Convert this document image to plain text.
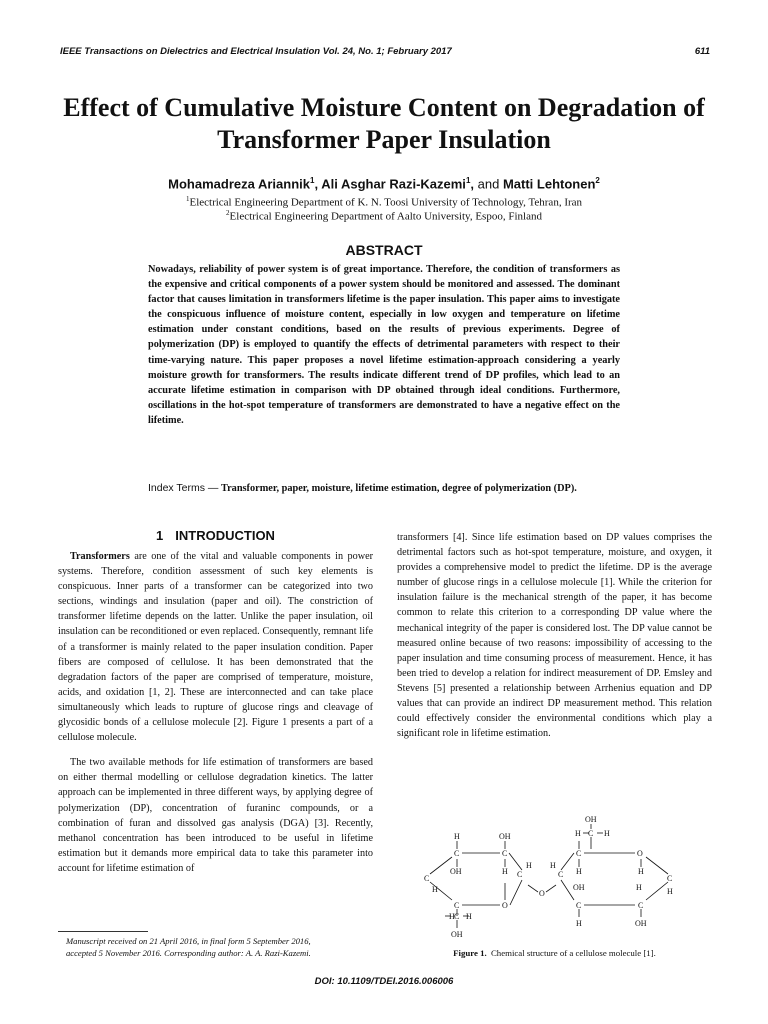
IEEE Transactions on Dielectrics and Electrical Insulation Vol. 24, No. 1; February 2017	611
Effect of Cumulative Moisture Content on Degradation of
Transformer Paper Insulation
Mohamadreza Ariannik$^1$, Ali Asghar Razi-Kazemi$^1$, and Matti Lehtonen$^2$
$^1$Electrical Engineering Department of K. N. Toosi University of Technology, Tehran, Iran
$^2$Electrical Engineering Department of Aalto University, Espoo, Finland
ABSTRACT
Nowadays, reliability of power system is of great importance. Therefore, the condition of transformers as the expensive and critical components of a power system should be monitored and assessed. The dominant factor that causes limitation in transformers lifetime is the paper insulation. This paper aims to investigate the conspicuous influence of moisture content, especially in low oxygen and temperature on lifetime estimation under constant conditions, based on the results of previous experiments. Degree of polymerization (DP) is employed to quantify the effects of detrimental parameters with respect to their time-varying nature. This paper proposes a novel lifetime estimation-approach considering a yearly moisture growth for transformers. The results indicate different trend of DP profiles, which lead to an accurate lifetime estimation in comparison with DP obtained through ideal conditions. Furthermore, oscillations in the hot-spot temperature of transformers are demonstrated to have a negative effect on the lifetime.
Index Terms — Transformer, paper, moisture, lifetime estimation, degree of polymerization (DP).
1 INTRODUCTION

Transformers are one of the vital and valuable components in power systems. Therefore, condition assessment of such key elements is conspicuous. Inner parts of a transformer can be categorized into two sections, windings and insulation (paper and oil). The constriction of transformer lifetime depends on the latter. Unlike the paper insulation, oil insulation can be reconditioned or even replaced. Consequently, remnant life of a transformer is mainly related to the paper insulation condition. Paper fibers are composed of cellulose. It has been demonstrated that the degradation factors of the paper are comprised of temperature, moisture, acids, and oxidation [1, 2]. These are interconnected and can take place simultaneously which leads to rupture of glucose rings and cleavage of glycosidic bonds of a cellulose molecule [2]. Figure 1 presents a part of a cellulose molecule.

The two available methods for life estimation of transformers are based on either thermal modelling or cellulose degradation kinetics. The latter approach can be implemented in three different ways, by applying degree of polymerization (DP), concentration of furaninc compounds, or a combination of furan and dissolved gas analysis (DGA) [3]. Recently, methanol concentration has been introduced to be useful in lifetime estimation but it demands more empirical data to take this parameter into account for lifetime estimation of

transformers [4]. Since life estimation based on DP values comprises the detrimental factors such as hot-spot temperature, moisture, and oxygen, it provides a comprehensive model to predict the lifetime. DP is the average number of glucose rings in a cellulose molecule [1]. While the criterion for insulation failure is the mechanical strength of the paper, it has become common to relate this criterion to a corresponding DP value where the mechanical integrity of the paper is considered lost. The DP value cannot be measured online because of two reasons: impossibility of accessing to the paper insulation and time consuming process of measurement. Hence, it has been tried to develop a relation for indirect measurement of DP. Emsley and Stevens [5] presented a relationship between Arrhenius equation and DP values that can provide an indirect DP measurement method. This relation could effectively consider the environmental conditions which play a significant role in lifetime estimation.

H
C
OH
OH
C
H
C
H
C
H
C	O
H C H
OH
O
C
H
OH
H C H
C
H
O
H
C
H
C	C
OH	H
H	OH
Figure 1. Chemical structure of a cellulose molecule [1].
Manuscript received on 21 April 2016, in final form 5 September 2016,
accepted 5 November 2016. Corresponding author: A. A. Razi-Kazemi.
DOI: 10.1109/TDEI.2016.006006
